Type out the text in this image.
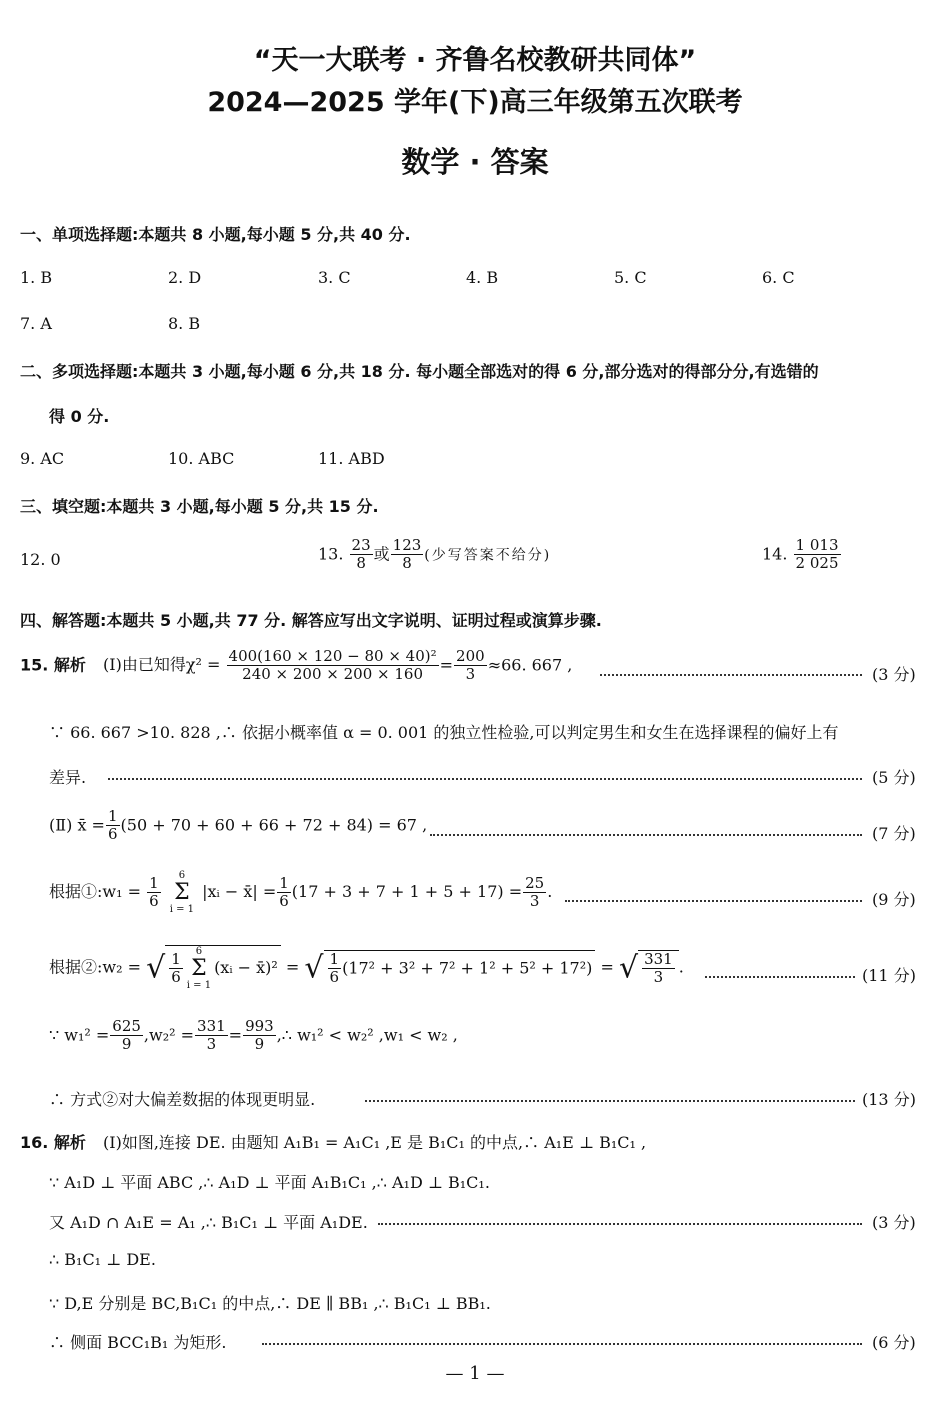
“天一大联考 · 齐鲁名校教研共同体”
2024—2025 学年(下)高三年级第五次联考
数学 · 答案
一、单项选择题:本题共 8 小题,每小题 5 分,共 40 分.
1. B	2. D	3. C	4. B	5. C	6. C
7. A	8. B
二、多项选择题:本题共 3 小题,每小题 6 分,共 18 分. 每小题全部选对的得 6 分,部分选对的得部分分,有选错的
得 0 分.
9. AC	10. ABC	11. ABD
三、填空题:本题共 3 小题,每小题 5 分,共 15 分.
12. 0	13. $\frac{23}{8}$ 或 $\frac{123}{8}$ (少写答案不给分)	14. $\frac{1 013}{2 025}$
四、解答题:本题共 5 小题,共 77 分. 解答应写出文字说明、证明过程或演算步骤.
15. 解析 (Ⅰ)由已知得$\chi^2 = \frac{\text{400(160 × 120 − 80 × 40)²}}{240 \times 200 \times 200 \times 160} = \frac{200}{3} \approx 66$. 667 ,
(3 分)
∵ 66. 667 >10. 828 ,∴ 依据小概率值 α = 0. 001 的独立性检验,可以判定男生和女生在选择课程的偏好上有
差异.	(5 分)
(Ⅱ) x̄ = $\frac{1}{6} (50 + 70 + 60 + 66 + 72 + 84) = 67$ ,	(7 分)
根据①:w₁ = $\frac{1}{6}$
	6
Σ
i = 1
|xᵢ − x̄| = $\frac{1}{6} (17 + 3 + 7 + 1 + 5 + 17) = \frac{25}{3}$ .	(9 分)
根据②:w₂ = √ $\frac{1}{6}$	6
Σ
i = 1
(xᵢ − x̄)² = √ $\frac{1}{6} (17^2 + 3^2 + 7^2 + 1^2 + 5^2 + 17^2)$ = √ $\frac{331}{3}$ .	(11 分)
∵ $w_1^2 = \frac{625}{9} ,w_2^2 = \frac{331}{3} = \frac{993}{9}$ ,∴ w₁² < w₂² ,w₁ < w₂ ,
∴ 方式②对大偏差数据的体现更明显.	(13 分)
16. 解析 (Ⅰ)如图,连接 DE. 由题知 A₁B₁ = A₁C₁ ,E 是 B₁C₁ 的中点,∴ A₁E ⊥ B₁C₁ ,
∵ A₁D ⊥ 平面 ABC ,∴ A₁D ⊥ 平面 A₁B₁C₁ ,∴ A₁D ⊥ B₁C₁.
又 A₁D ∩ A₁E = A₁ ,∴ B₁C₁ ⊥ 平面 A₁DE.	(3 分)
∴ B₁C₁ ⊥ DE.
∵ D,E 分别是 BC,B₁C₁ 的中点,∴ DE ∥ BB₁ ,∴ B₁C₁ ⊥ BB₁.
∴ 侧面 BCC₁B₁ 为矩形.	(6 分)
— 1 —
